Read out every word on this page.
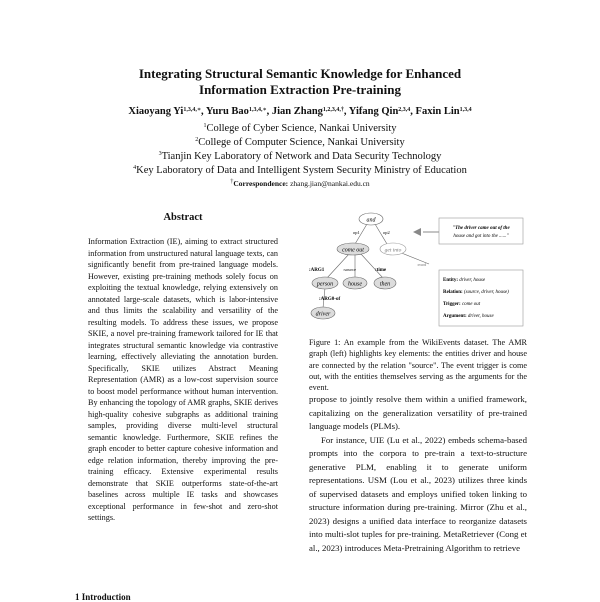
Integrating Structural Semantic Knowledge for Enhanced
Information Extraction Pre-training
Xiaoyang $Yi^{1,3,4,∗}$, Yuru Bao$^{1,3,4,∗}$, Jian Zhang$^{1,2,3,4,\dagger}$, Yifang Qin$^{2,3,4}$, Faxin Lin$^{1,3,4}$
$^1$College of Cyber Science, Nankai University
$^2$College of Computer Science, Nankai University
$^3$Tianjin Key Laboratory of Network and Data Security Technology
$^4$Key Laboratory of Data and Intelligent System Security Ministry of Education
†Correspondence: zhang.jian@nankai.edu.cn
Abstract
Information Extraction (IE), aiming to extract structured information from unstructured natural language texts, can significantly benefit from pre-trained language models. However, existing pre-training methods solely focus on exploiting the textual knowledge, relying extensively on annotated large-scale datasets, which is labor-intensive and thus limits the scalability and versatility of the resulting models. To address these issues, we propose SKIE, a novel pre-training framework tailored for IE that integrates structural semantic knowledge via contrastive learning, effectively alleviating the annotation burden. Specifically, SKIE utilizes Abstract Meaning Representation (AMR) as a low-cost supervision source to boost model performance without human intervention. By enhancing the topology of AMR graphs, SKIE derives high-quality cohesive subgraphs as additional training samples, providing diverse multi-level structural semantic knowledge. Furthermore, SKIE refines the graph encoder to better capture cohesive information and edge relation information, thereby improving the pre-training efficacy. Extensive experimental results demonstrate that SKIE outperforms state-of-the-art baselines across multiple IE tasks and showcases exceptional performance in few-shot and zero-shot settings.
and
come out	get into
person house	then
driver
op1	op2
:ARG1	:source	:time
:mod
:ARG0-of
"The driver came out of the
house and got into the ......"
Entity: driver, house
Relation: (source, driver, house)
Trigger: come out
Argument: driver, house
Figure 1: An example from the WikiEvents dataset. The AMR graph (left) highlights key elements: the entities driver and house are connected by the relation "source". The event trigger is come out, with the entities themselves serving as the arguments for the event.

propose to jointly resolve them within a unified framework, capitalizing on the generalization versatility of pre-trained language models (PLMs).

For instance, UIE (Lu et al., 2022) embeds schema-based prompts into the corpora to pre-train a text-to-structure generative PLM, enabling it to generate uniform representations. USM (Lou et al., 2023) utilizes three kinds of supervised datasets and employs unified token linking to structure information during pre-training. Mirror (Zhu et al., 2023) designs a unified data interface to reorganize datasets into multi-slot tuples for pre-training. MetaRetriever (Cong et al., 2023) introduces Meta-Pretraining Algorithm to retrieve

1 Introduction
